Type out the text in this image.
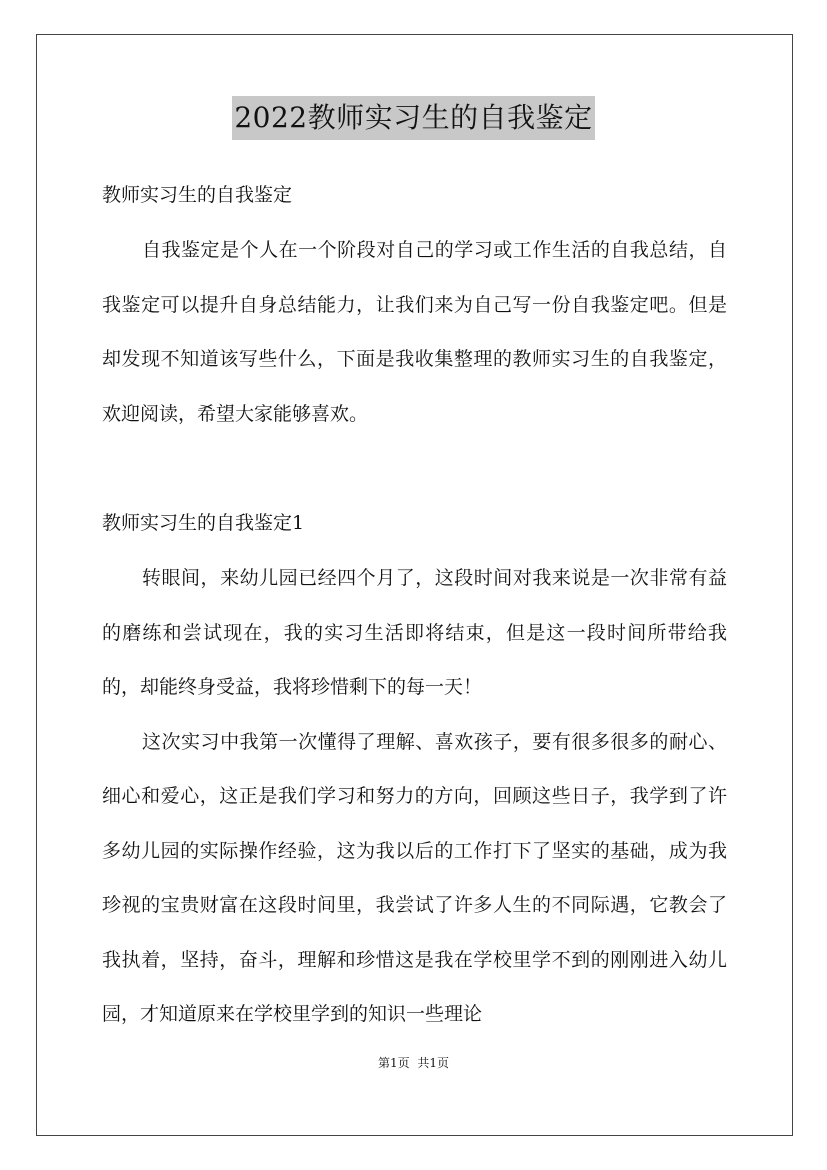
2022教师实习生的自我鉴定

教师实习生的自我鉴定

自我鉴定是个人在一个阶段对自己的学习或工作生活的自我总结，自我鉴定可以提升自身总结能力，让我们来为自己写一份自我鉴定吧。但是却发现不知道该写些什么，下面是我收集整理的教师实习生的自我鉴定，欢迎阅读，希望大家能够喜欢。

教师实习生的自我鉴定1

转眼间，来幼儿园已经四个月了，这段时间对我来说是一次非常有益的磨练和尝试现在，我的实习生活即将结束，但是这一段时间所带给我的，却能终身受益，我将珍惜剩下的每一天！

这次实习中我第一次懂得了理解、喜欢孩子，要有很多很多的耐心、细心和爱心，这正是我们学习和努力的方向，回顾这些日子，我学到了许多幼儿园的实际操作经验，这为我以后的工作打下了坚实的基础，成为我珍视的宝贵财富在这段时间里，我尝试了许多人生的不同际遇，它教会了我执着，坚持，奋斗，理解和珍惜这是我在学校里学不到的刚刚进入幼儿园，才知道原来在学校里学到的知识一些理论

第1页 共1页
